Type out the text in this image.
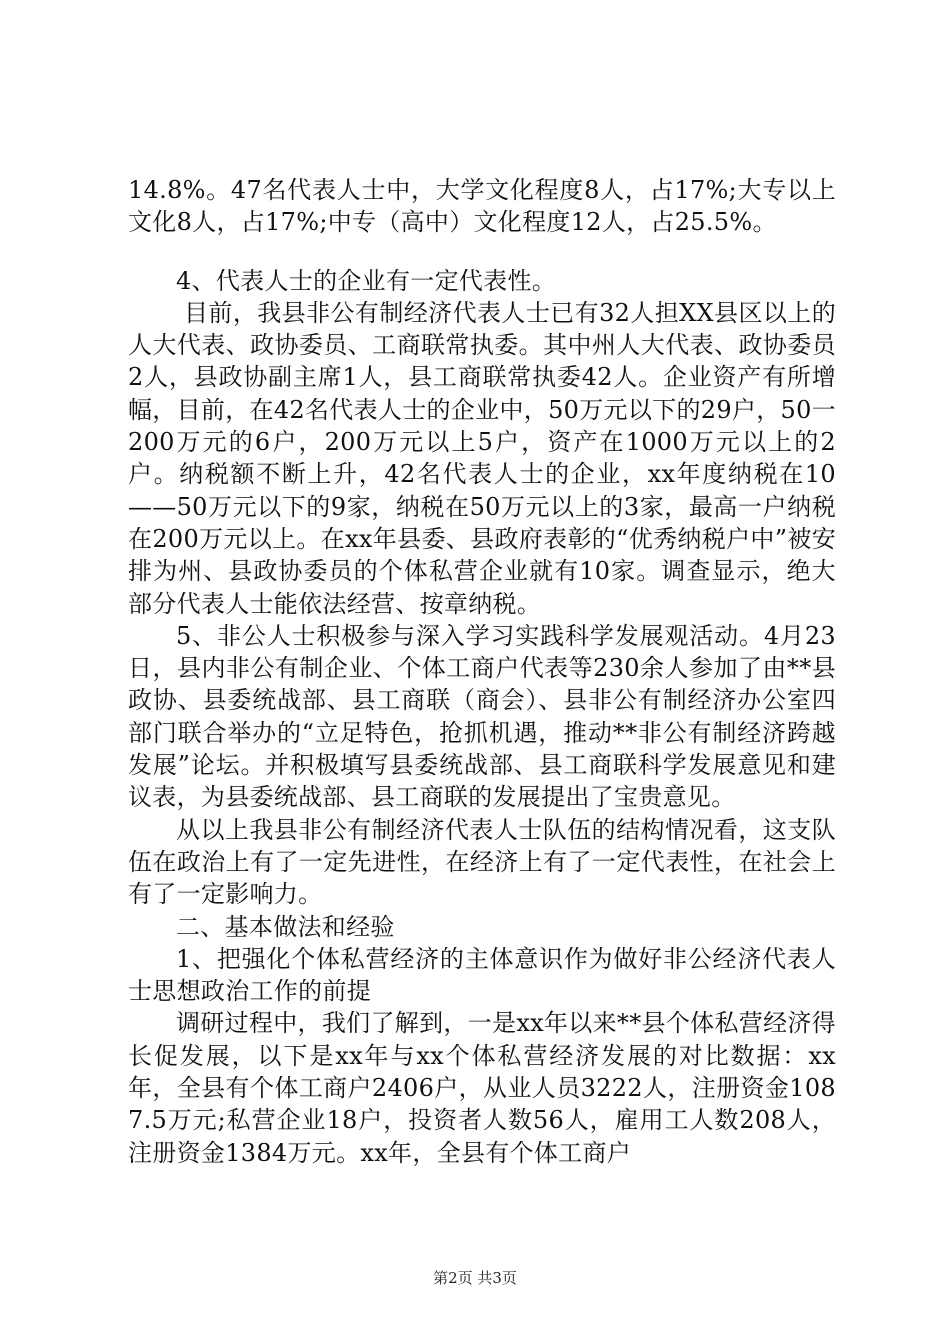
14.8%。47名代表人士中，大学文化程度8人，占17%;大专以上文化8人，占17%;中专（高中）文化程度12人，占25.5%。

4、代表人士的企业有一定代表性。

目前，我县非公有制经济代表人士已有32人担XX县区以上的人大代表、政协委员、工商联常执委。其中州人大代表、政协委员2人，县政协副主席1人，县工商联常执委42人。企业资产有所增幅，目前，在42名代表人士的企业中，50万元以下的29户，50一200万元的6户，200万元以上5户，资产在1000万元以上的2户。纳税额不断上升，42名代表人士的企业，xx年度纳税在10——50万元以下的9家，纳税在50万元以上的3家，最高一户纳税在200万元以上。在xx年县委、县政府表彰的“优秀纳税户中”被安排为州、县政协委员的个体私营企业就有10家。调查显示，绝大部分代表人士能依法经营、按章纳税。

5、非公人士积极参与深入学习实践科学发展观活动。4月23日，县内非公有制企业、个体工商户代表等230余人参加了由**县政协、县委统战部、县工商联（商会）、县非公有制经济办公室四部门联合举办的“立足特色，抢抓机遇，推动**非公有制经济跨越发展”论坛。并积极填写县委统战部、县工商联科学发展意见和建议表，为县委统战部、县工商联的发展提出了宝贵意见。

从以上我县非公有制经济代表人士队伍的结构情况看，这支队伍在政治上有了一定先进性，在经济上有了一定代表性，在社会上有了一定影响力。

二、基本做法和经验

1、把强化个体私营经济的主体意识作为做好非公经济代表人士思想政治工作的前提

调研过程中，我们了解到，一是xx年以来**县个体私营经济得长促发展，以下是xx年与xx个体私营经济发展的对比数据：xx年，全县有个体工商户2406户，从业人员3222人，注册资金1087.5万元;私营企业18户，投资者人数56人，雇用工人数208人，注册资金1384万元。xx年，全县有个体工商户

第2页 共3页
